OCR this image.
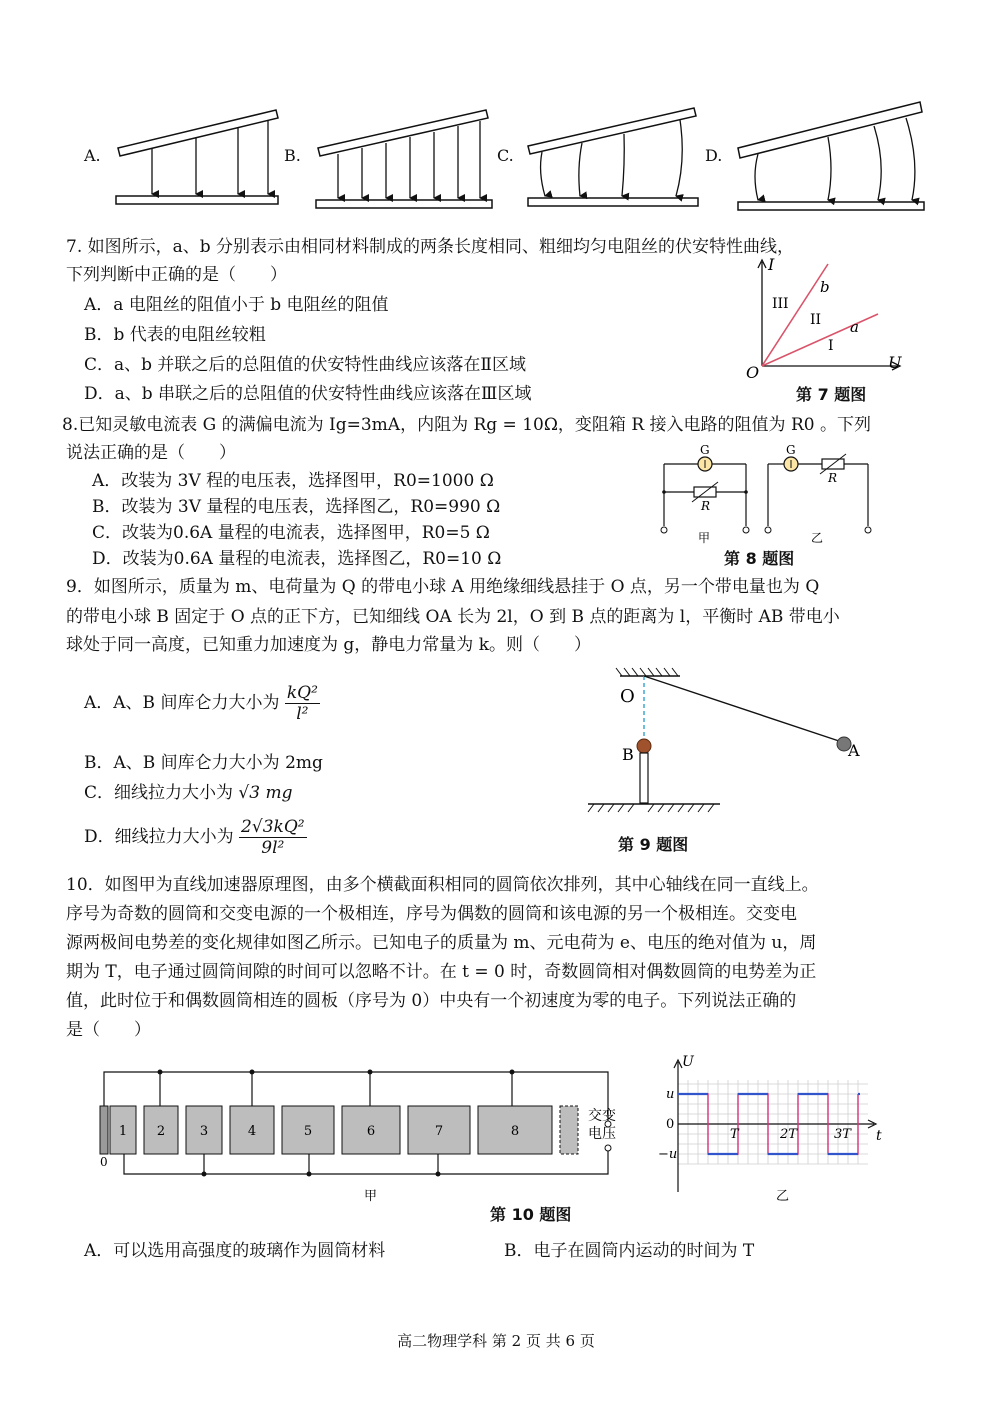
A.	B.	C.	D.
7. 如图所示，a、b 分别表示由相同材料制成的两条长度相同、粗细均匀电阻丝的伏安特性曲线，
下列判断中正确的是（　　）
A．a 电阻丝的阻值小于 b 电阻丝的阻值
B．b 代表的电阻丝较粗
C．a、b 并联之后的总阻值的伏安特性曲线应该落在Ⅱ区域
D．a、b 串联之后的总阻值的伏安特性曲线应该落在Ⅲ区域
I
U
O
b
a
III
II
I
第 7 题图
8.已知灵敏电流表 G 的满偏电流为 Ig=3mA，内阻为 Rg = 10Ω，变阻箱 R 接入电路的阻值为 R0 。下列
说法正确的是（　　）
A．改装为 3V 程的电压表，选择图甲，R0=1000 Ω
B．改装为 3V 量程的电压表，选择图乙，R0=990 Ω
C．改装为0.6A 量程的电流表，选择图甲，R0=5 Ω
D．改装为0.6A 量程的电流表，选择图乙，R0=10 Ω
G
R
G
R
甲	乙
第 8 题图
9．如图所示，质量为 m、电荷量为 Q 的带电小球 A 用绝缘细线悬挂于 O 点，另一个带电量也为 Q
的带电小球 B 固定于 O 点的正下方，已知细线 OA 长为 2l，O 到 B 点的距离为 l，平衡时 AB 带电小
球处于同一高度，已知重力加速度为 g，静电力常量为 k。则（　　）
A．A、B 间库仑力大小为 $\frac{\text{kQ²}}{\text{l²}}$
B．A、B 间库仑力大小为 2mg
C．细线拉力大小为 √3 mg
D．细线拉力大小为 $\frac{\text{2√3kQ²}}{\text{9l²}}$
O
B	A
第 9 题图
10．如图甲为直线加速器原理图，由多个横截面积相同的圆筒依次排列，其中心轴线在同一直线上。
序号为奇数的圆筒和交变电源的一个极相连，序号为偶数的圆筒和该电源的另一个极相连。交变电
源两极间电势差的变化规律如图乙所示。已知电子的质量为 m、元电荷为 e、电压的绝对值为 u，周
期为 T，电子通过圆筒间隙的时间可以忽略不计。在 t = 0 时，奇数圆筒相对偶数圆筒的电势差为正
值，此时位于和偶数圆筒相连的圆板（序号为 0）中央有一个初速度为零的电子。下列说法正确的
是（　　）
1 2	3	4	5	6	7	8
0
交变
电压
甲
U
t
u
0
−u
T	2T	3T
乙
第 10 题图
A．可以选用高强度的玻璃作为圆筒材料	B．电子在圆筒内运动的时间为 T
高二物理学科 第 2 页 共 6 页
